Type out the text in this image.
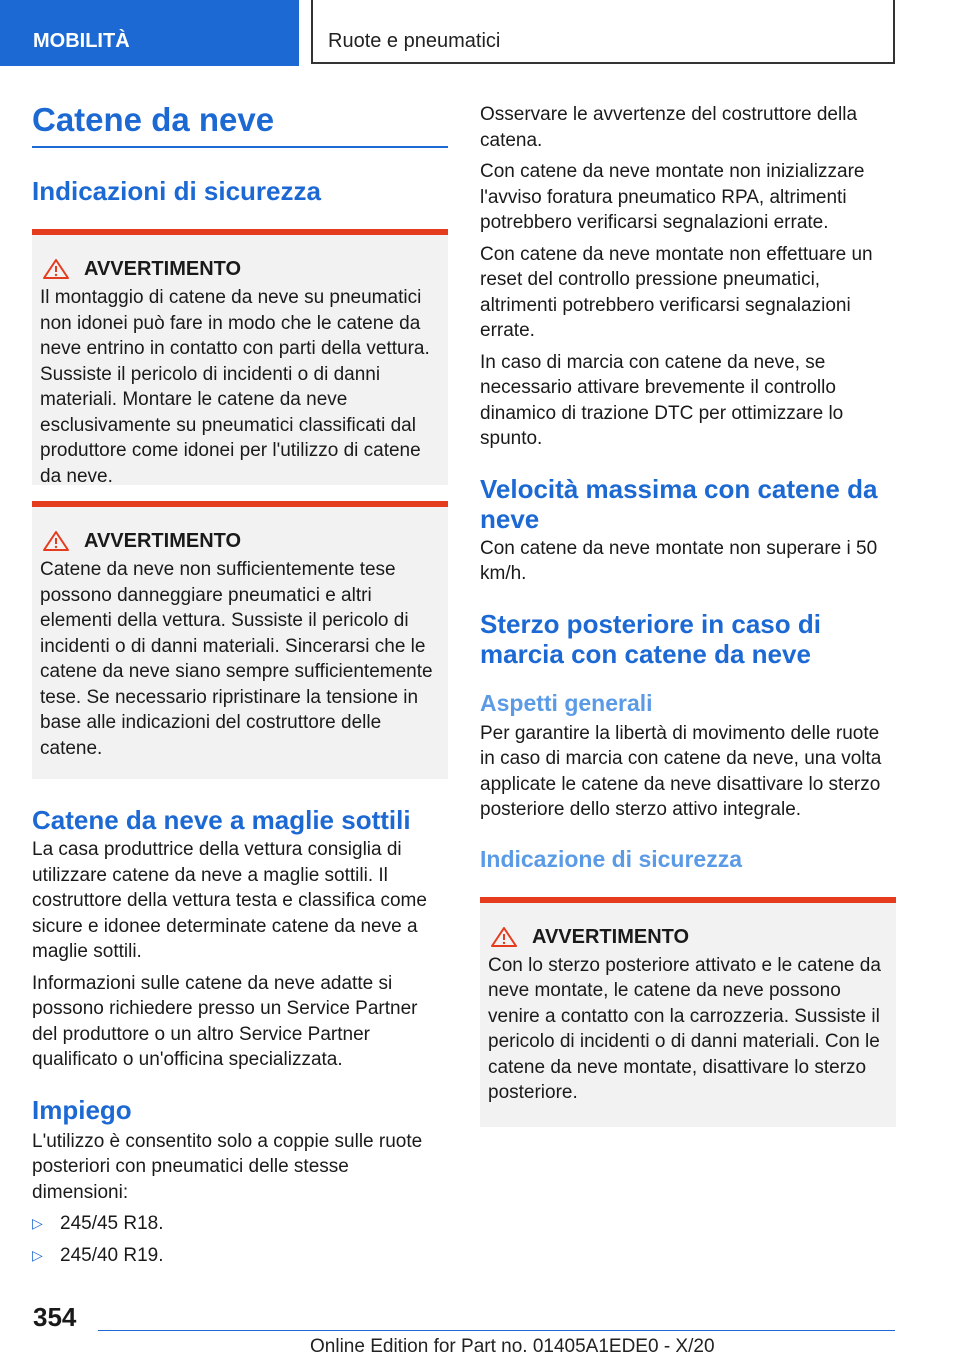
MOBILITÀ	Ruote e pneumatici
Catene da neve
Indicazioni di sicurezza
AVVERTIMENTO

Il montaggio di catene da neve su pneumatici non idonei può fare in modo che le catene da neve entrino in contatto con parti della vettura. Sussiste il pericolo di incidenti o di danni materiali. Montare le catene da neve esclusivamente su pneumatici classificati dal produttore come idonei per l'utilizzo di catene da neve.

AVVERTIMENTO

Catene da neve non sufficientemente tese possono danneggiare pneumatici e altri elementi della vettura. Sussiste il pericolo di incidenti o di danni materiali. Sincerarsi che le catene da neve siano sempre sufficientemente tese. Se necessario ripristinare la tensione in base alle indicazioni del costruttore delle catene.

Catene da neve a maglie sottili

La casa produttrice della vettura consiglia di utilizzare catene da neve a maglie sottili. Il costruttore della vettura testa e classifica come sicure e idonee determinate catene da neve a maglie sottili.

Informazioni sulle catene da neve adatte si possono richiedere presso un Service Partner del produttore o un altro Service Partner qualificato o un'officina specializzata.

Impiego

L'utilizzo è consentito solo a coppie sulle ruote posteriori con pneumatici delle stesse dimensioni:

▷ 245/45 R18.
▷ 245/40 R19.

Osservare le avvertenze del costruttore della catena.

Con catene da neve montate non inizializzare l'avviso foratura pneumatico RPA, altrimenti potrebbero verificarsi segnalazioni errate.

Con catene da neve montate non effettuare un reset del controllo pressione pneumatici, altrimenti potrebbero verificarsi segnalazioni errate.

In caso di marcia con catene da neve, se necessario attivare brevemente il controllo dinamico di trazione DTC per ottimizzare lo spunto.

Velocità massima con catene da neve

Con catene da neve montate non superare i 50 km/h.

Sterzo posteriore in caso di marcia con catene da neve
Aspetti generali

Per garantire la libertà di movimento delle ruote in caso di marcia con catene da neve, una volta applicate le catene da neve disattivare lo sterzo posteriore dello sterzo attivo integrale.

Indicazione di sicurezza
AVVERTIMENTO

Con lo sterzo posteriore attivato e le catene da neve montate, le catene da neve possono venire a contatto con la carrozzeria. Sussiste il pericolo di incidenti o di danni materiali. Con le catene da neve montate, disattivare lo sterzo posteriore.

354
Online Edition for Part no. 01405A1EDE0 - X/20
